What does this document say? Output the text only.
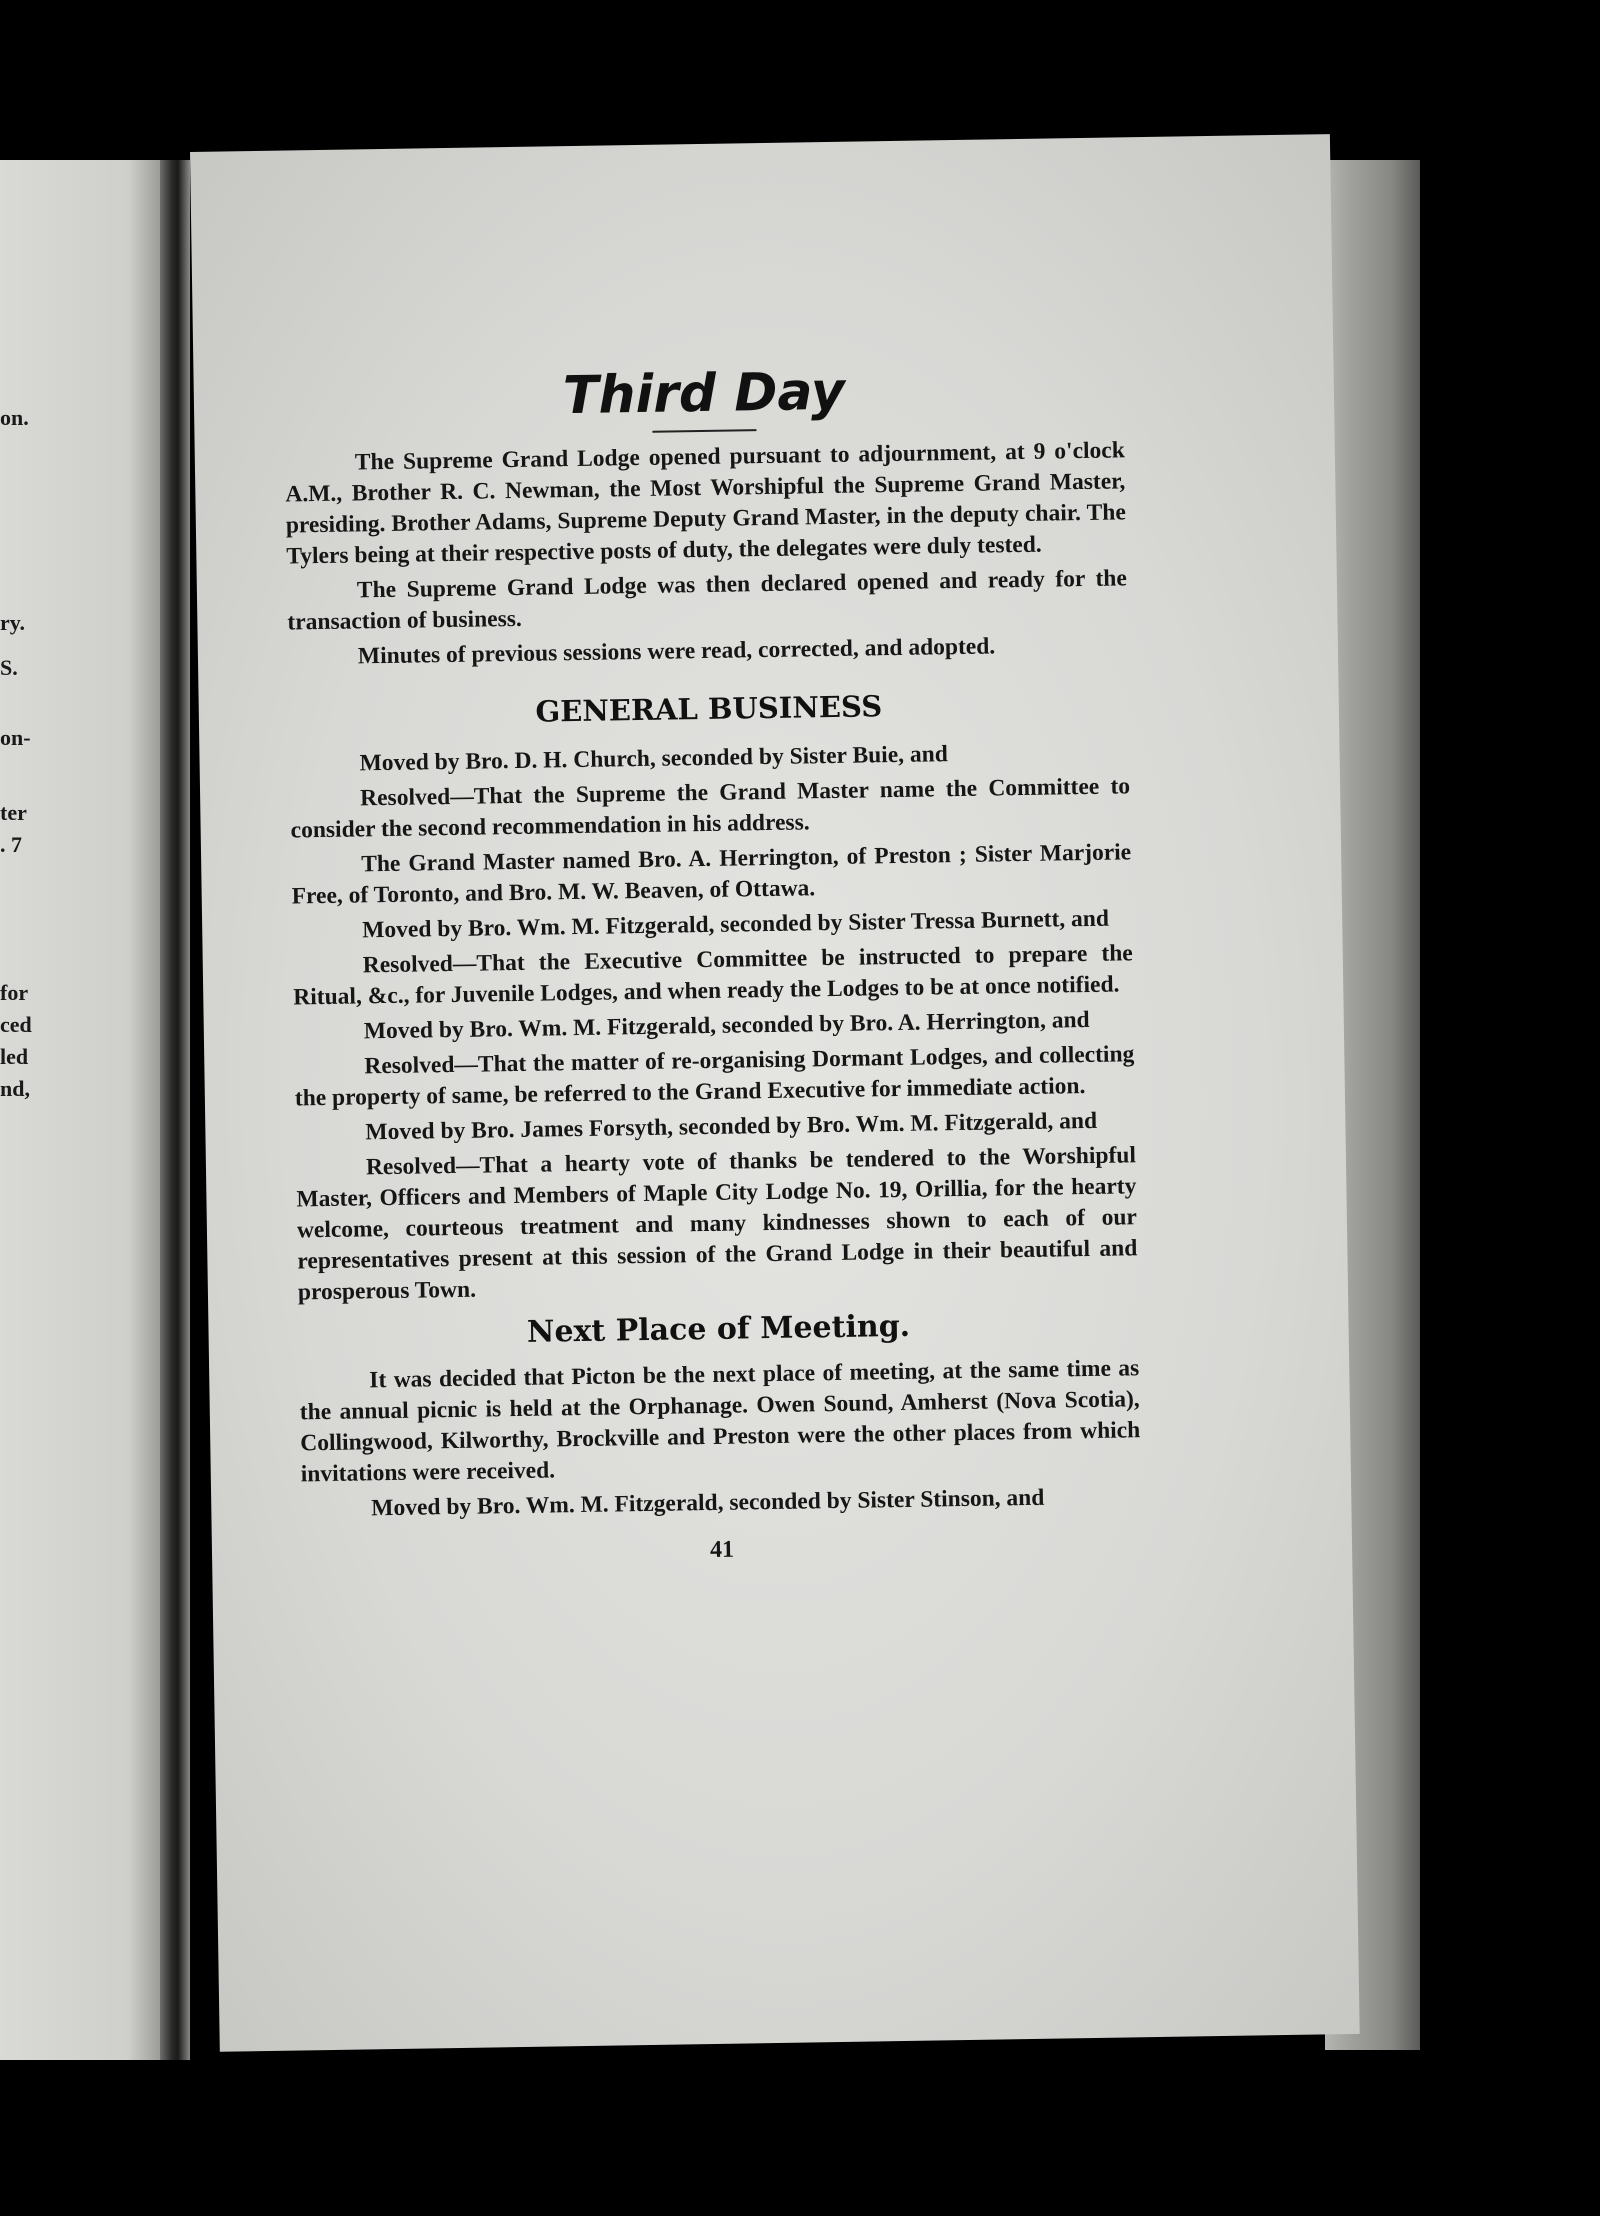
on.
ry.
S.
on-
ter
. 7
for
ced
led
nd,
Third Day

The Supreme Grand Lodge opened pursuant to adjournment, at 9 o'clock A.M., Brother R. C. Newman, the Most Worshipful the Supreme Grand Master, presiding. Brother Adams, Supreme Deputy Grand Master, in the deputy chair. The Tylers being at their respective posts of duty, the delegates were duly tested.

The Supreme Grand Lodge was then declared opened and ready for the transaction of business.

Minutes of previous sessions were read, corrected, and adopted.

GENERAL BUSINESS

Moved by Bro. D. H. Church, seconded by Sister Buie, and

Resolved—That the Supreme the Grand Master name the Committee to consider the second recommendation in his address.

The Grand Master named Bro. A. Herrington, of Preston ; Sister Marjorie Free, of Toronto, and Bro. M. W. Beaven, of Ottawa.

Moved by Bro. Wm. M. Fitzgerald, seconded by Sister Tressa Burnett, and

Resolved—That the Executive Committee be instructed to prepare the Ritual, &c., for Juvenile Lodges, and when ready the Lodges to be at once notified.

Moved by Bro. Wm. M. Fitzgerald, seconded by Bro. A. Herrington, and

Resolved—That the matter of re-organising Dormant Lodges, and collecting the property of same, be referred to the Grand Executive for immediate action.

Moved by Bro. James Forsyth, seconded by Bro. Wm. M. Fitzgerald, and

Resolved—That a hearty vote of thanks be tendered to the Worshipful Master, Officers and Members of Maple City Lodge No. 19, Orillia, for the hearty welcome, courteous treatment and many kindnesses shown to each of our representatives present at this session of the Grand Lodge in their beautiful and prosperous Town.

Next Place of Meeting.

It was decided that Picton be the next place of meeting, at the same time as the annual picnic is held at the Orphanage. Owen Sound, Amherst (Nova Scotia), Collingwood, Kilworthy, Brockville and Preston were the other places from which invitations were received.

Moved by Bro. Wm. M. Fitzgerald, seconded by Sister Stinson, and

41
